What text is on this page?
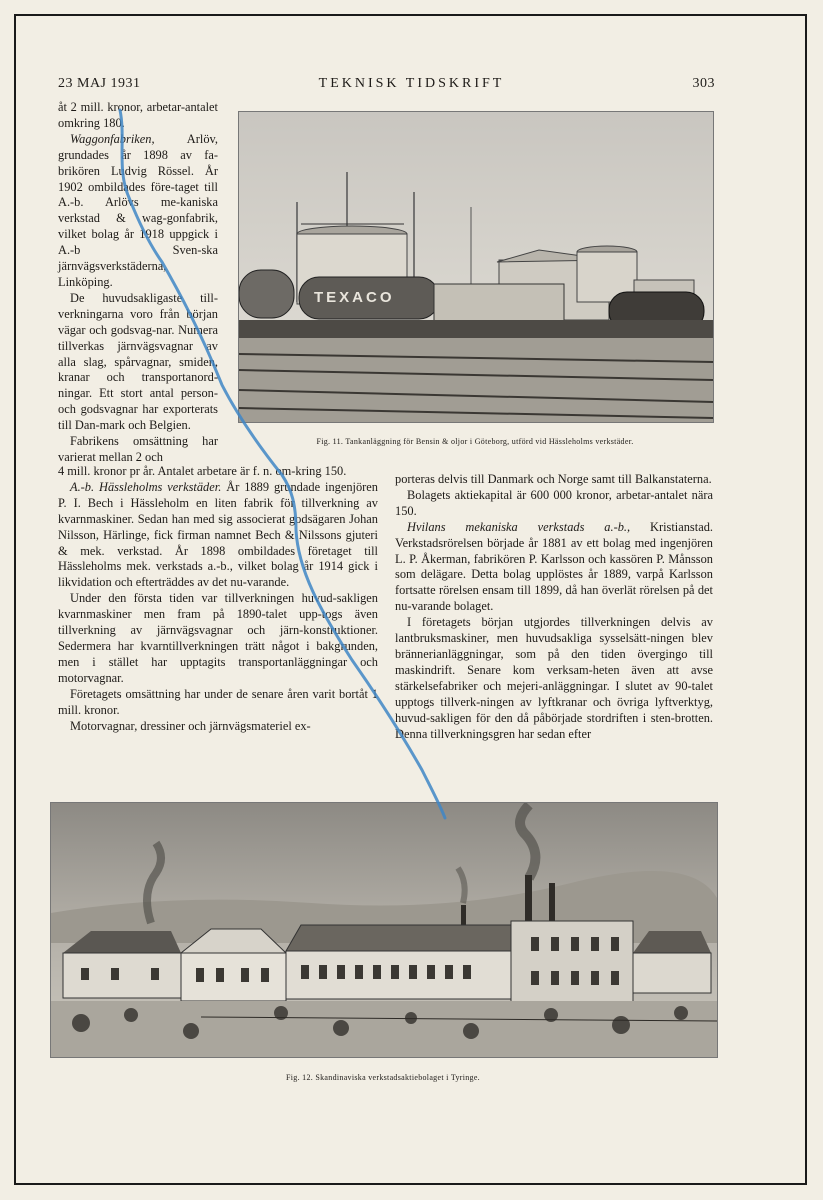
23 MAJ 1931	TEKNISK TIDSKRIFT	303
TEXACO
Fig. 11. Tankanläggning för Bensin & oljor i Göteborg, utförd vid Hässleholms verkstäder.

åt 2 mill. kronor, arbetar-antalet omkring 180.

Waggonfabriken,	Arlöv, grundades år 1898 av fa-brikören Ludvig Rössel. År 1902 ombildades före-taget till A.-b. Arlövs me-kaniska verkstad & wag-gonfabrik, vilket bolag år 1918 uppgick i A.-b Sven-ska järnvägsverkstäderna, Linköping.

De huvudsakligaste till-verkningarna voro från början vägar och godsvag-nar. Numera tillverkas järnvägsvagnar av alla slag, spårvagnar, smiden, kranar och transportanord-ningar. Ett stort antal person- och godsvagnar har exporterats till Dan-mark och Belgien.

Fabrikens omsättning har varierat mellan 2 och

4 mill. kronor pr år. Antalet arbetare är f. n. om-kring 150.

A.-b. Hässleholms verkstäder. År 1889 grundade ingenjören P. I. Bech i Hässleholm en liten fabrik för tillverkning av kvarnmaskiner. Sedan han med sig associerat godsägaren Johan Nilsson, Härlinge, fick firman namnet Bech & Nilssons gjuteri & mek. verkstad. År 1898 ombildades företaget till Hässleholms mek. verkstads a.-b., vilket bolag år 1914 gick i likvidation och efterträddes av det nu-varande.

Under den första tiden var tillverkningen huvud-sakligen kvarnmaskiner men fram på 1890-talet upp-togs även tillverkning av järnvägsvagnar och järn-konstruktioner. Sedermera har kvarntillverkningen trätt något i bakgrunden, men i stället har upptagits transportanläggningar och motorvagnar.

Företagets omsättning har under de senare åren varit bortåt 1 mill. kronor.

Motorvagnar, dressiner och järnvägsmateriel ex-

porteras delvis till Danmark och Norge samt till Balkanstaterna.

Bolagets aktiekapital är 600 000 kronor, arbetar-antalet nära 150.

Hvilans mekaniska verkstads a.-b., Kristianstad. Verkstadsrörelsen började år 1881 av ett bolag med ingenjören L. P. Åkerman, fabrikören P. Karlsson och kassören P. Månsson som delägare. Detta bolag upplöstes år 1889, varpå Karlsson fortsatte rörelsen ensam till 1899, då han överlät rörelsen på det nu-varande bolaget.

I företagets början utgjordes tillverkningen delvis av lantbruksmaskiner, men huvudsakliga sysselsätt-ningen blev brännerianläggningar, som på den tiden övergingo till maskindrift. Senare kom verksam-heten även att avse stärkelsefabriker och mejeri-anläggningar. I slutet av 90-talet upptogs tillverk-ningen av lyftkranar och övriga lyftverktyg, huvud-sakligen för den då påbörjade stordriften i sten-brotten. Denna tillverkningsgren har sedan efter

Fig. 12. Skandinaviska verkstadsaktiebolaget i Tyringe.
